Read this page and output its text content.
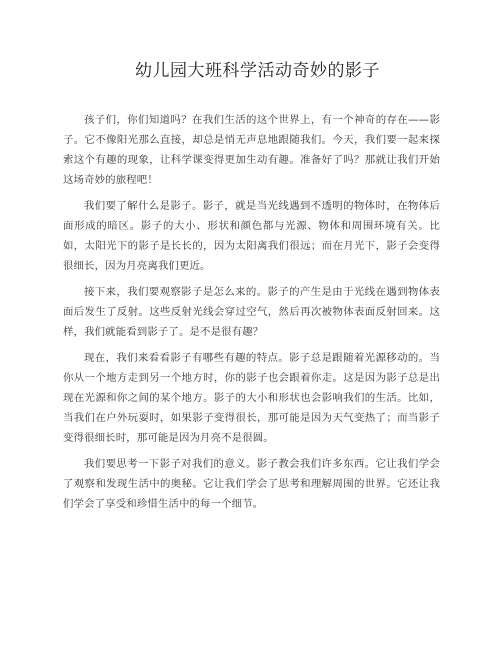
幼儿园大班科学活动奇妙的影子

孩子们，你们知道吗？在我们生活的这个世界上，有一个神奇的存在——影子。它不像阳光那么直接，却总是悄无声息地跟随我们。今天，我们要一起来探索这个有趣的现象，让科学课变得更加生动有趣。准备好了吗？那就让我们开始这场奇妙的旅程吧！

我们要了解什么是影子。影子，就是当光线遇到不透明的物体时，在物体后面形成的暗区。影子的大小、形状和颜色都与光源、物体和周围环境有关。比如，太阳光下的影子是长长的，因为太阳离我们很远；而在月光下，影子会变得很细长，因为月亮离我们更近。

接下来，我们要观察影子是怎么来的。影子的产生是由于光线在遇到物体表面后发生了反射。这些反射光线会穿过空气，然后再次被物体表面反射回来。这样，我们就能看到影子了。是不是很有趣？

现在，我们来看看影子有哪些有趣的特点。影子总是跟随着光源移动的。当你从一个地方走到另一个地方时，你的影子也会跟着你走。这是因为影子总是出现在光源和你之间的某个地方。影子的大小和形状也会影响我们的生活。比如，当我们在户外玩耍时，如果影子变得很长，那可能是因为天气变热了；而当影子变得很细长时，那可能是因为月亮不是很圆。

我们要思考一下影子对我们的意义。影子教会我们许多东西。它让我们学会了观察和发现生活中的奥秘。它让我们学会了思考和理解周围的世界。它还让我们学会了享受和珍惜生活中的每一个细节。
